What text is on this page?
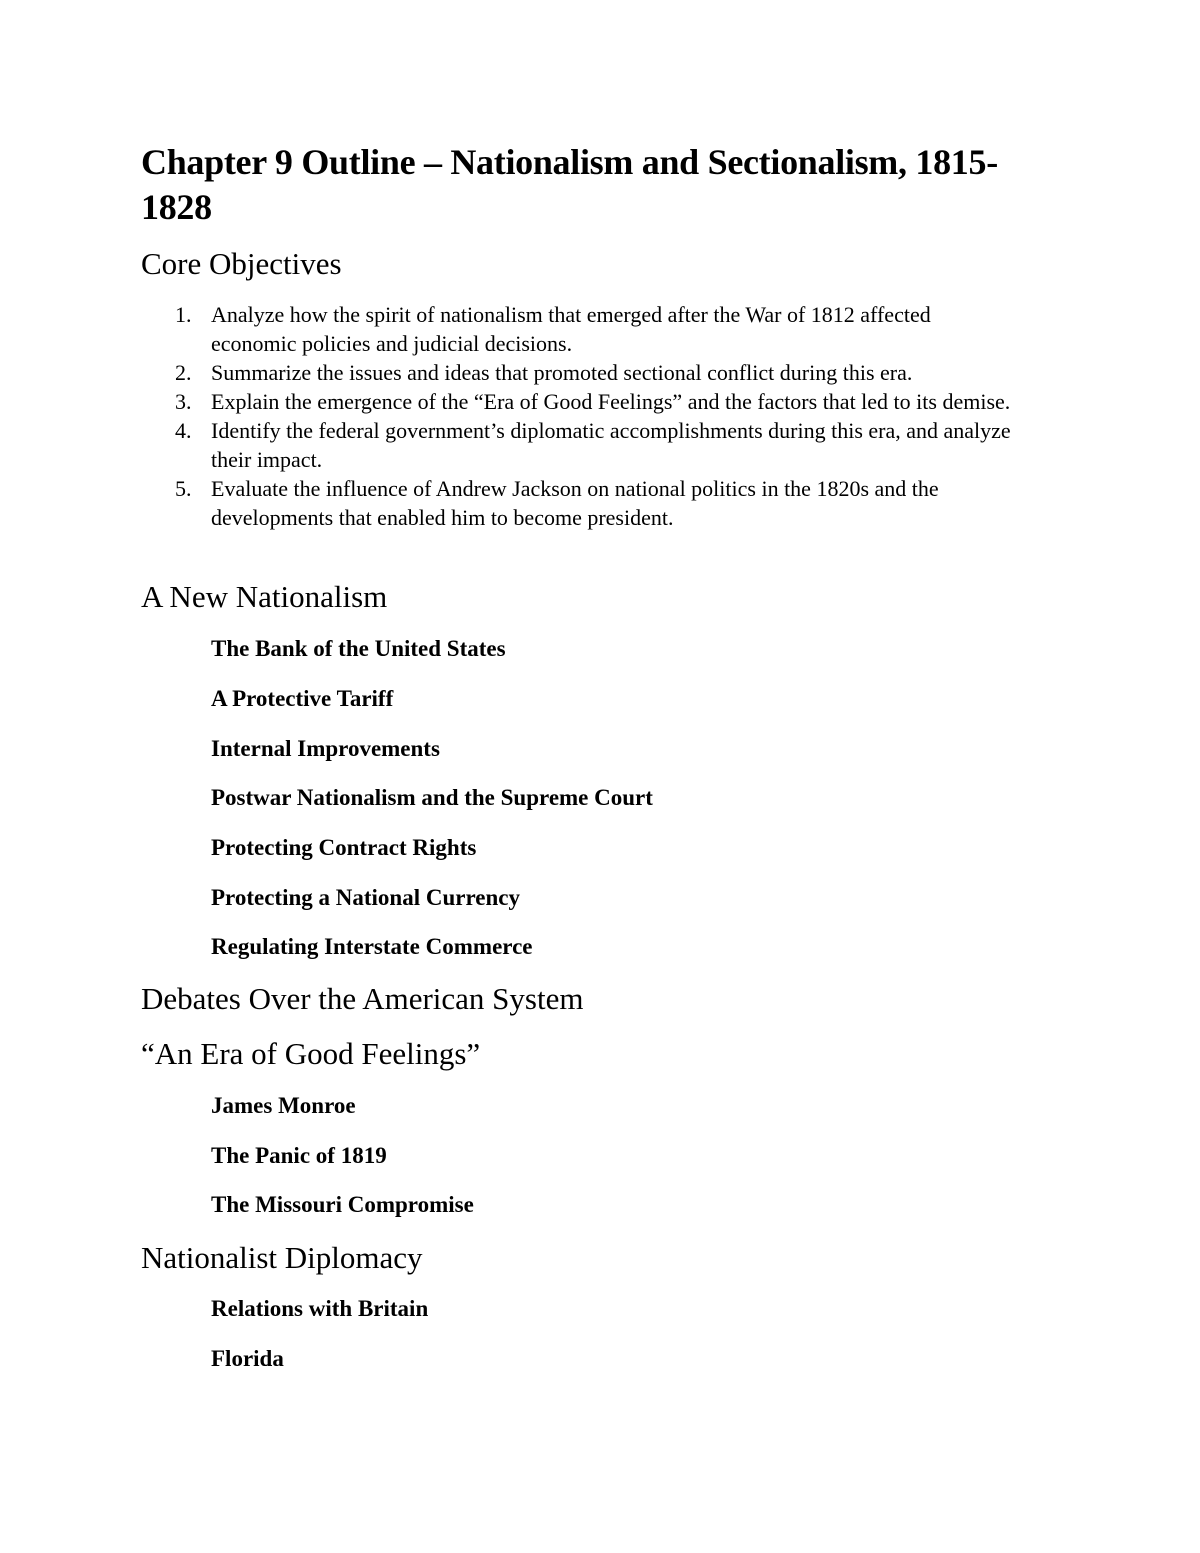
Chapter 9 Outline – Nationalism and Sectionalism, 1815-1828
Core Objectives
1. Analyze how the spirit of nationalism that emerged after the War of 1812 affected economic policies and judicial decisions.
2. Summarize the issues and ideas that promoted sectional conflict during this era.
3. Explain the emergence of the “Era of Good Feelings” and the factors that led to its demise.
4. Identify the federal government’s diplomatic accomplishments during this era, and analyze their impact.
5. Evaluate the influence of Andrew Jackson on national politics in the 1820s and the developments that enabled him to become president.
A New Nationalism

The Bank of the United States

A Protective Tariff

Internal Improvements

Postwar Nationalism and the Supreme Court

Protecting Contract Rights

Protecting a National Currency

Regulating Interstate Commerce

Debates Over the American System
“An Era of Good Feelings”

James Monroe

The Panic of 1819

The Missouri Compromise

Nationalist Diplomacy

Relations with Britain

Florida
